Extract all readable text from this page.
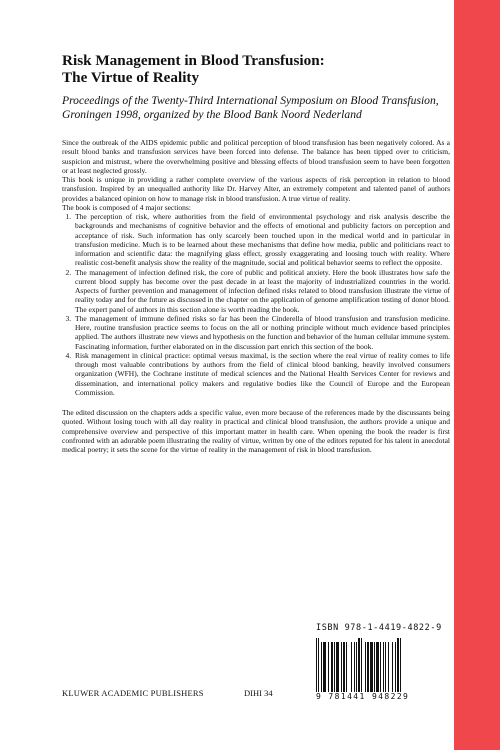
Risk Management in Blood Transfusion:
The Virtue of Reality

Proceedings of the Twenty-Third International Symposium on Blood Transfusion, Groningen 1998, organized by the Blood Bank Noord Nederland

Since the outbreak of the AIDS epidemic public and political perception of blood transfusion has been negatively colored. As a result blood banks and transfusion services have been forced into defense. The balance has been tipped over to criticism, suspicion and mistrust, where the overwhelming positive and blessing effects of blood transfusion seem to have been forgotten or at least neglected grossly.

This book is unique in providing a rather complete overview of the various aspects of risk perception in relation to blood transfusion. Inspired by an unequalled authority like Dr. Harvey Alter, an extremely competent and talented panel of authors provides a balanced opinion on how to manage risk in blood transfusion. A true virtue of reality.

The book is composed of 4 major sections:

1. The perception of risk, where authorities from the field of environmental psychology and risk analysis describe the backgrounds and mechanisms of cognitive behavior and the effects of emotional and publicity factors on perception and acceptance of risk. Such information has only scarcely been touched upon in the medical world and in particular in transfusion medicine. Much is to be learned about these mechanisms that define how media, public and politicians react to information and scientific data: the magnifying glass effect, grossly exaggerating and loosing touch with reality. Where realistic cost-benefit analysis show the reality of the magnitude, social and political behavior seems to reflect the opposite.
2. The management of infection defined risk, the core of public and political anxiety. Here the book illustrates how safe the current blood supply has become over the past decade in at least the majority of industrialized countries in the world. Aspects of further prevention and management of infection defined risks related to blood transfusion illustrate the virtue of reality today and for the future as discussed in the chapter on the application of genome amplification testing of donor blood. The expert panel of authors in this section alone is worth reading the book.
3. The management of immune defined risks so far has been the Cinderella of blood transfusion and transfusion medicine. Here, routine transfusion practice seems to focus on the all or nothing principle without much evidence based principles applied. The authors illustrate new views and hypothesis on the function and behavior of the human cellular immune system. Fascinating information, further elaborated on in the discussion part enrich this section of the book.
4. Risk management in clinical practice: optimal versus maximal, is the section where the real virtue of reality comes to life through most valuable contributions by authors from the field of clinical blood banking, heavily involved consumers organization (WFH), the Cochrane institute of medical sciences and the National Health Services Center for reviews and dissemination, and international policy makers and regulative bodies like the Council of Europe and the European Commission.

The edited discussion on the chapters adds a specific value, even more because of the references made by the discussants being quoted. Without losing touch with all day reality in practical and clinical blood transfusion, the authors provide a unique and comprehensive overview and perspective of this important matter in health care. When opening the book the reader is first confronted with an adorable poem illustrating the reality of virtue, written by one of the editors reputed for his talent in anecdotal medical poetry; it sets the scene for the virtue of reality in the management of risk in blood transfusion.

ISBN 978-1-4419-4822-9

9 781441 948229
KLUWER ACADEMIC PUBLISHERS	DIHI 34
